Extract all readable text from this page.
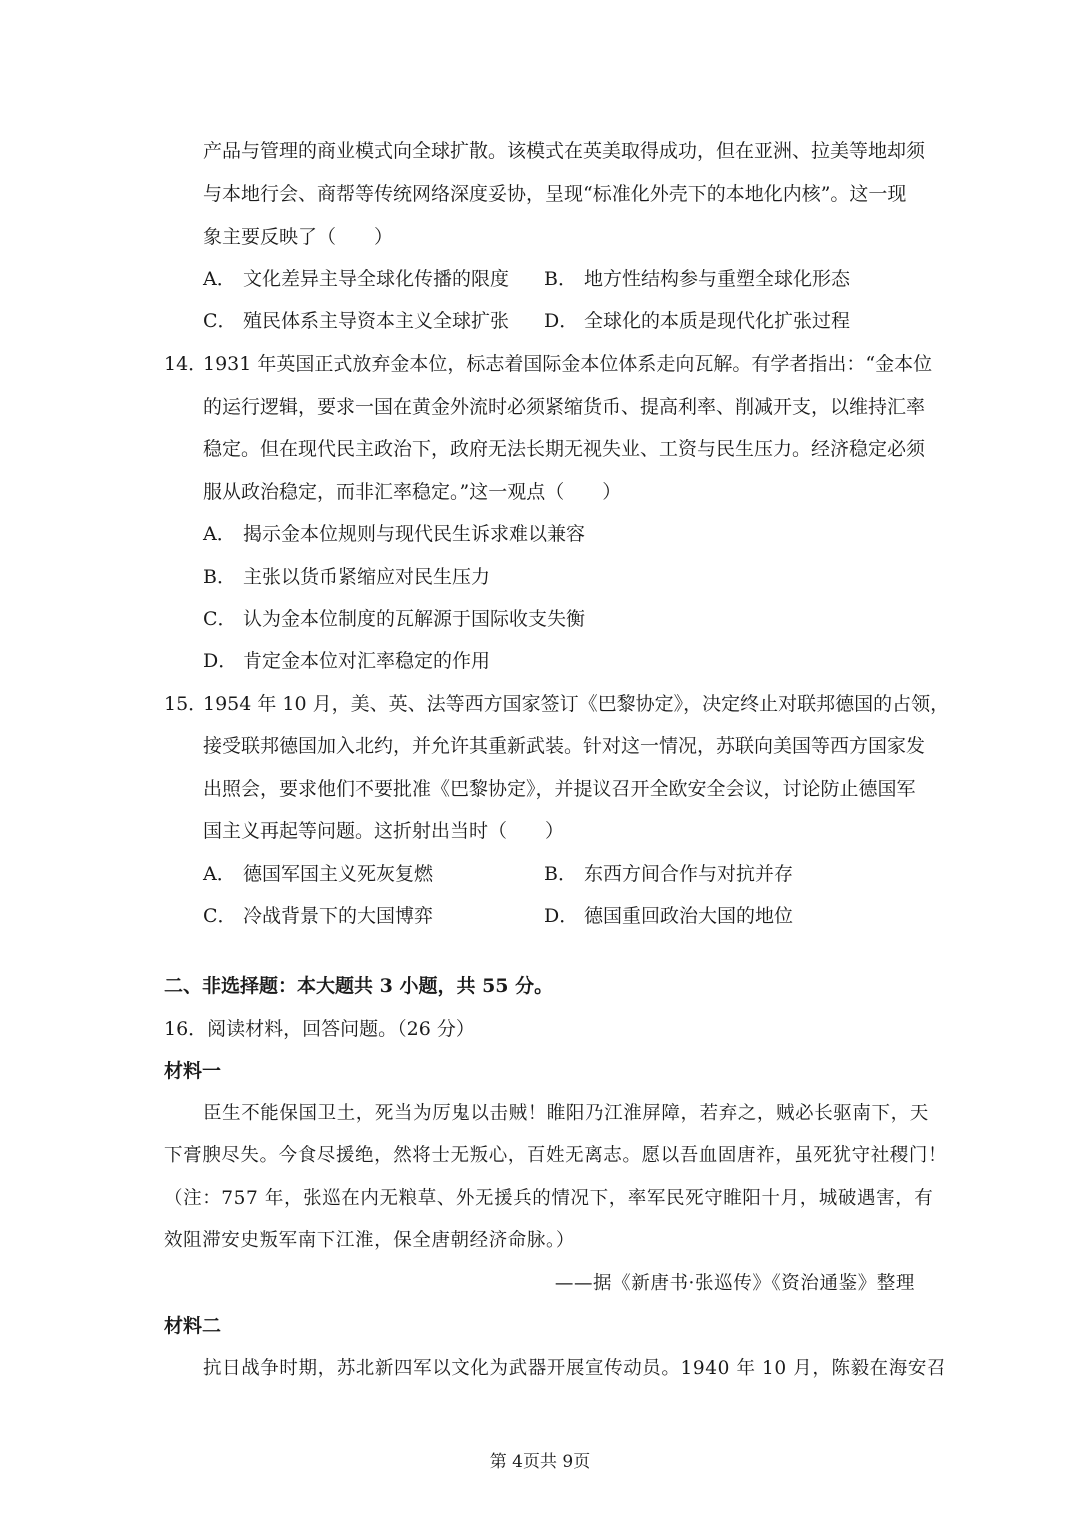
产品与管理的商业模式向全球扩散。该模式在英美取得成功，但在亚洲、拉美等地却须
与本地行会、商帮等传统网络深度妥协，呈现“标准化外壳下的本地化内核”。这一现
象主要反映了（　　）
A． 文化差异主导全球化传播的限度 B． 地方性结构参与重塑全球化形态
C． 殖民体系主导资本主义全球扩张 D． 全球化的本质是现代化扩张过程
14．
1931 年英国正式放弃金本位，标志着国际金本位体系走向瓦解。有学者指出：“金本位
的运行逻辑，要求一国在黄金外流时必须紧缩货币、提高利率、削减开支，以维持汇率
稳定。但在现代民主政治下，政府无法长期无视失业、工资与民生压力。经济稳定必须
服从政治稳定，而非汇率稳定。”这一观点（　　）
A． 揭示金本位规则与现代民生诉求难以兼容
B． 主张以货币紧缩应对民生压力
C． 认为金本位制度的瓦解源于国际收支失衡
D． 肯定金本位对汇率稳定的作用
15．
1954 年 10 月，美、英、法等西方国家签订《巴黎协定》，决定终止对联邦德国的占领，
接受联邦德国加入北约，并允许其重新武装。针对这一情况，苏联向美国等西方国家发
出照会，要求他们不要批准《巴黎协定》，并提议召开全欧安全会议，讨论防止德国军
国主义再起等问题。这折射出当时（　　）
A． 德国军国主义死灰复燃	B． 东西方间合作与对抗并存
C． 冷战背景下的大国博弈	D． 德国重回政治大国的地位
二、非选择题：本大题共 3 小题，共 55 分。
16．阅读材料，回答问题。（26 分）
材料一
臣生不能保国卫土，死当为厉鬼以击贼！睢阳乃江淮屏障，若弃之，贼必长驱南下，天
下膏腴尽失。今食尽援绝，然将士无叛心，百姓无离志。愿以吾血固唐祚，虽死犹守社稷门！
（注：757 年，张巡在内无粮草、外无援兵的情况下，率军民死守睢阳十月，城破遇害，有
效阻滞安史叛军南下江淮，保全唐朝经济命脉。）
——据《新唐书·张巡传》《资治通鉴》整理
材料二
抗日战争时期，苏北新四军以文化为武器开展宣传动员。1940 年 10 月，陈毅在海安召
第 4页共 9页
